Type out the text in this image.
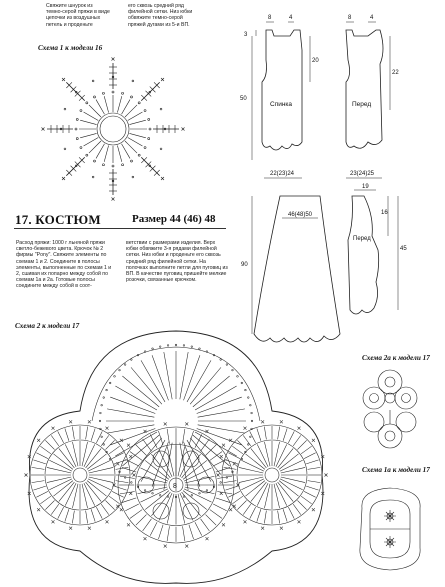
Свяжите шнурок из темно-серой пряжи в виде цепочки из воздушных петель и проденьте
его сквозь средний ряд филейной сетки. Низ юбки обвяжите темно-серой пряжей дугами из 5-и ВП.
Схема 1 к модели 16
17. КОСТЮМ	Размер 44 (46) 48
Расход пряжи: 1000 г льняной пряжи светло-бежевого цвета. Крючок № 2 фирмы "Pony". Свяжите элементы по схемам 1 и 2. Соедините в полосы элементы, выполненные по схемам 1 и 2, сшивая их попарно между собой по схемам 1а и 2а. Готовые полосы соедините между собой в соот-
ветствии с размерами изделия. Верх юбки обвяжите 3-я рядами филейной сетки. Низ юбки и проденьте его сквозь средний ряд филейной сетки. На полочках выполните петли для пуговиц из ВП. В качестве пуговиц пришейте мелкие розочки, связанные крючком.
Схема 2 к модели 17
8
8	4	8	4
3
20
22
50
22(23)24	23(24)25
19
46(48)50	16
90
45
Спинка	Перед
Перед
Схема 2а к модели 17
Схема 1а к модели 17
